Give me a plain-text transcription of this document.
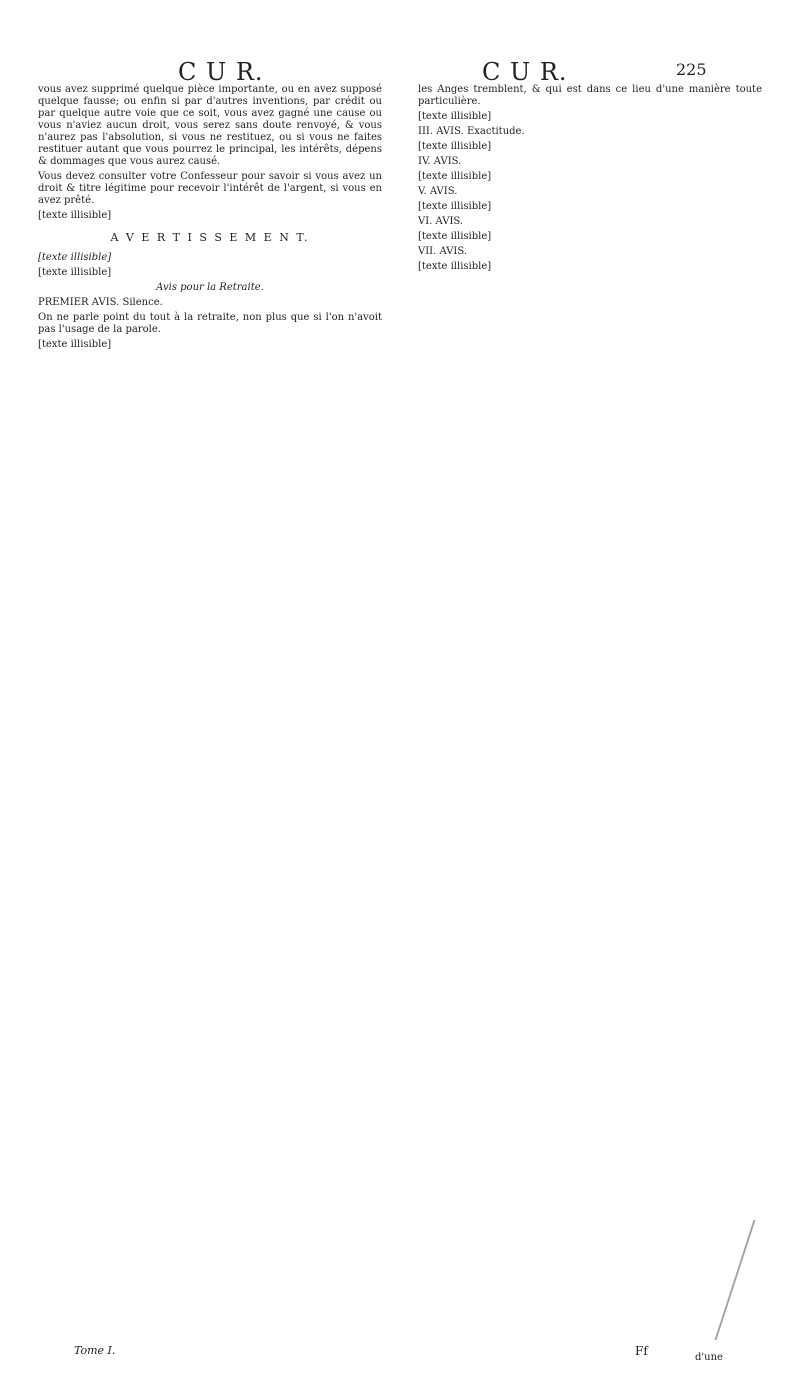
C U R.	C U R.	225

vous avez supprimé quelque pièce importante, ou en avez supposé quelque fausse; ou enfin si par d'autres inventions, par crédit ou par quelque autre voie que ce soit, vous avez gagné une cause ou vous n'aviez aucun droit, vous serez sans doute renvoyé, & vous n'aurez pas l'absolution, si vous ne restituez, ou si vous ne faites restituer autant que vous pourrez le principal, les intérêts, dépens & dommages que vous aurez causé.

Vous devez consulter votre Confesseur pour savoir si vous avez un droit & titre légitime pour recevoir l'intérêt de l'argent, si vous en avez prêté.

[texte illisible]

A V E R T I S S E M E N T.

[texte illisible]

[texte illisible]

Avis pour la Retraite.

PREMIER AVIS. Silence.

On ne parle point du tout à la retraite, non plus que si l'on n'avoit pas l'usage de la parole.

[texte illisible]

les Anges tremblent, & qui est dans ce lieu d'une manière toute particulière.

[texte illisible]

III. AVIS. Exactitude.

[texte illisible]

IV. AVIS.

[texte illisible]

V. AVIS.

[texte illisible]

VI. AVIS.

[texte illisible]

VII. AVIS.

[texte illisible]

Tome I.	Ff	d'une
